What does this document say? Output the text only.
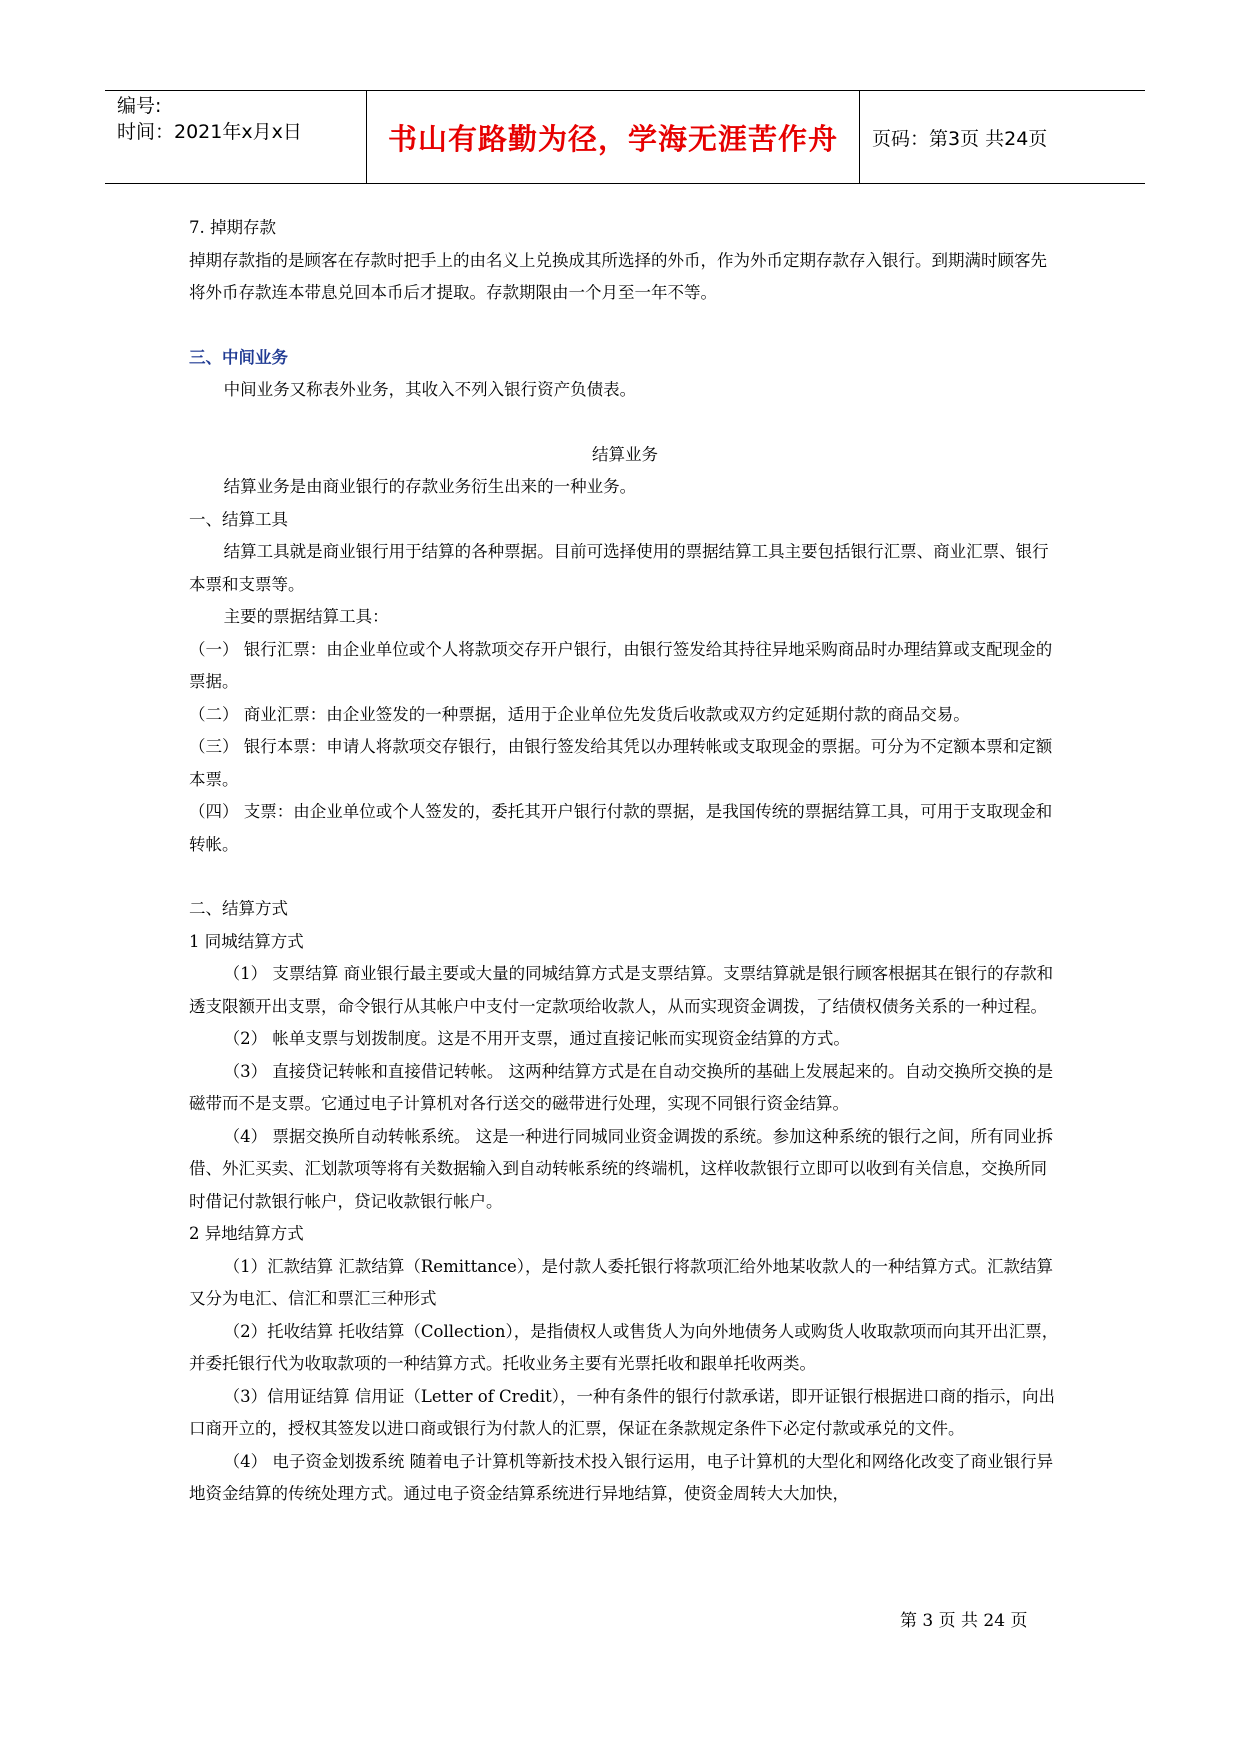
编号:
时间：2021年x月x日	书山有路勤为径，学海无涯苦作舟	页码：第3页 共24页

7. 掉期存款

掉期存款指的是顾客在存款时把手上的由名义上兑换成其所选择的外币，作为外币定期存款存入银行。到期满时顾客先将外币存款连本带息兑回本币后才提取。存款期限由一个月至一年不等。

三、中间业务

中间业务又称表外业务，其收入不列入银行资产负债表。

结算业务

结算业务是由商业银行的存款业务衍生出来的一种业务。

一、结算工具

结算工具就是商业银行用于结算的各种票据。目前可选择使用的票据结算工具主要包括银行汇票、商业汇票、银行本票和支票等。

主要的票据结算工具：

（一） 银行汇票：由企业单位或个人将款项交存开户银行，由银行签发给其持往异地采购商品时办理结算或支配现金的票据。

（二） 商业汇票：由企业签发的一种票据，适用于企业单位先发货后收款或双方约定延期付款的商品交易。

（三） 银行本票：申请人将款项交存银行，由银行签发给其凭以办理转帐或支取现金的票据。可分为不定额本票和定额本票。

（四） 支票：由企业单位或个人签发的，委托其开户银行付款的票据，是我国传统的票据结算工具，可用于支取现金和转帐。

二、结算方式

1 同城结算方式

（1） 支票结算 商业银行最主要或大量的同城结算方式是支票结算。支票结算就是银行顾客根据其在银行的存款和透支限额开出支票，命令银行从其帐户中支付一定款项给收款人，从而实现资金调拨，了结债权债务关系的一种过程。

（2） 帐单支票与划拨制度。这是不用开支票，通过直接记帐而实现资金结算的方式。

（3） 直接贷记转帐和直接借记转帐。 这两种结算方式是在自动交换所的基础上发展起来的。自动交换所交换的是磁带而不是支票。它通过电子计算机对各行送交的磁带进行处理，实现不同银行资金结算。

（4） 票据交换所自动转帐系统。 这是一种进行同城同业资金调拨的系统。参加这种系统的银行之间，所有同业拆借、外汇买卖、汇划款项等将有关数据输入到自动转帐系统的终端机，这样收款银行立即可以收到有关信息，交换所同时借记付款银行帐户，贷记收款银行帐户。

2 异地结算方式

（1）汇款结算 汇款结算（Remittance），是付款人委托银行将款项汇给外地某收款人的一种结算方式。汇款结算又分为电汇、信汇和票汇三种形式

（2）托收结算 托收结算（Collection），是指债权人或售货人为向外地债务人或购货人收取款项而向其开出汇票，并委托银行代为收取款项的一种结算方式。托收业务主要有光票托收和跟单托收两类。

（3）信用证结算 信用证（Letter of Credit），一种有条件的银行付款承诺，即开证银行根据进口商的指示，向出口商开立的，授权其签发以进口商或银行为付款人的汇票，保证在条款规定条件下必定付款或承兑的文件。

（4） 电子资金划拨系统 随着电子计算机等新技术投入银行运用，电子计算机的大型化和网络化改变了商业银行异地资金结算的传统处理方式。通过电子资金结算系统进行异地结算，使资金周转大大加快，

第 3 页 共 24 页
